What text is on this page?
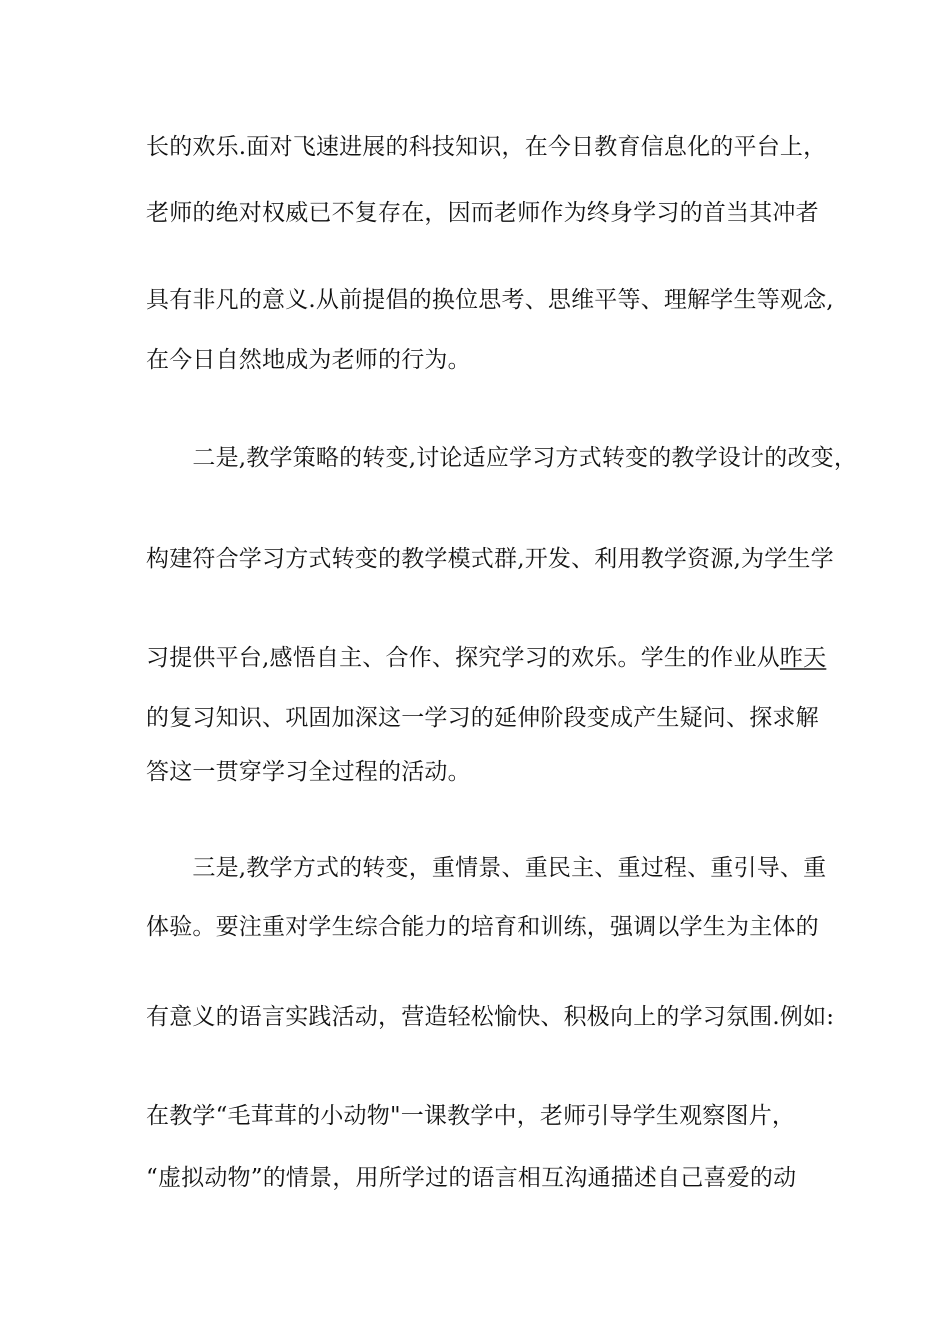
长的欢乐.面对飞速进展的科技知识，在今日教育信息化的平台上，
老师的绝对权威已不复存在，因而老师作为终身学习的首当其冲者
具有非凡的意义.从前提倡的换位思考、思维平等、理解学生等观念,
在今日自然地成为老师的行为。
　　二是,教学策略的转变,讨论适应学习方式转变的教学设计的改变，
构建符合学习方式转变的教学模式群,开发、利用教学资源,为学生学
习提供平台,感悟自主、合作、探究学习的欢乐。学生的作业从昨天
的复习知识、巩固加深这一学习的延伸阶段变成产生疑问、探求解
答这一贯穿学习全过程的活动。
　　三是,教学方式的转变，重情景、重民主、重过程、重引导、重
体验。要注重对学生综合能力的培育和训练，强调以学生为主体的
有意义的语言实践活动，营造轻松愉快、积极向上的学习氛围.例如:
在教学“毛茸茸的小动物"一课教学中，老师引导学生观察图片，
“虚拟动物”的情景，用所学过的语言相互沟通描述自己喜爱的动
